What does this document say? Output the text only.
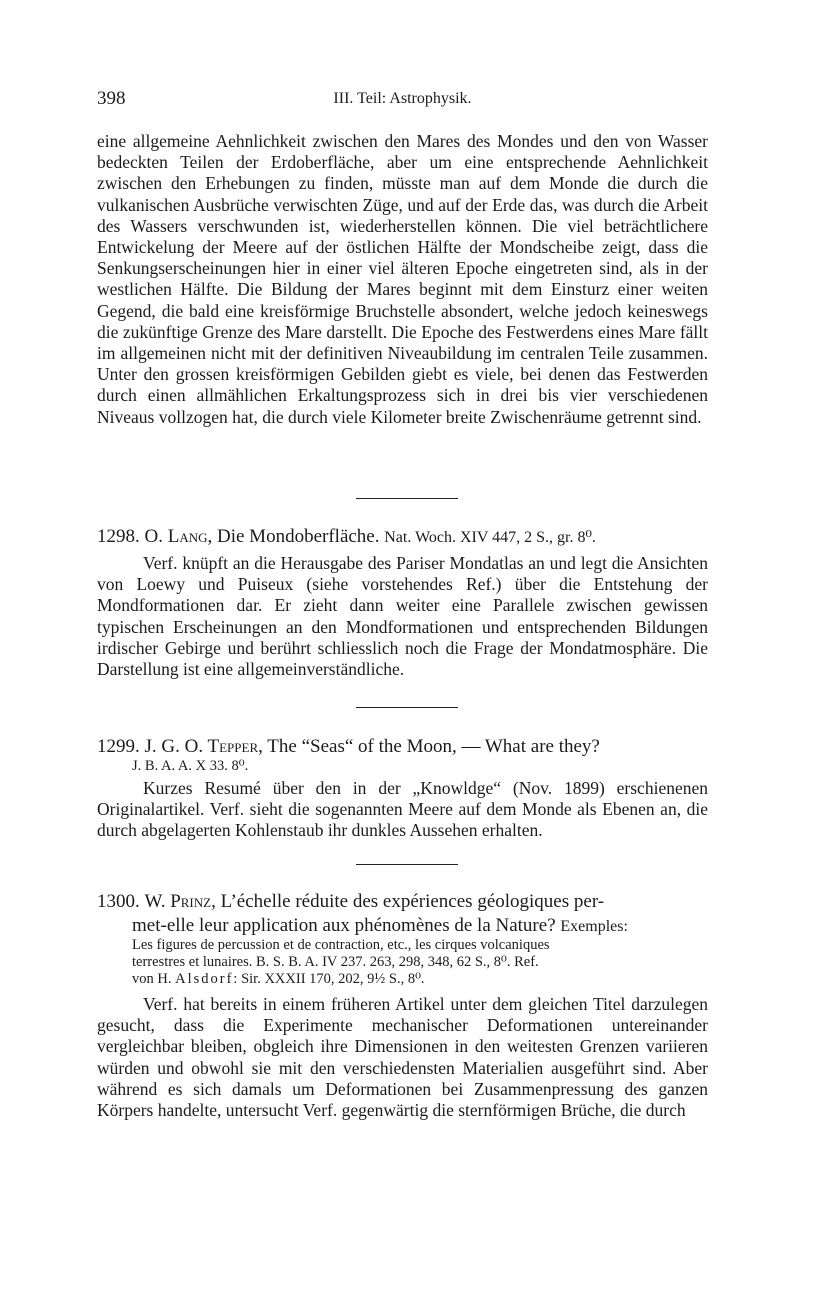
398	III. Teil: Astrophysik.

eine allgemeine Aehnlichkeit zwischen den Mares des Mondes und den von Wasser bedeckten Teilen der Erdoberfläche, aber um eine entsprechende Aehnlichkeit zwischen den Erhebungen zu finden, müsste man auf dem Monde die durch die vulkanischen Ausbrüche verwischten Züge, und auf der Erde das, was durch die Arbeit des Wassers verschwunden ist, wiederherstellen können. Die viel beträchtlichere Entwickelung der Meere auf der östlichen Hälfte der Mondscheibe zeigt, dass die Senkungserscheinungen hier in einer viel älteren Epoche eingetreten sind, als in der westlichen Hälfte. Die Bildung der Mares beginnt mit dem Einsturz einer weiten Gegend, die bald eine kreisförmige Bruchstelle absondert, welche jedoch keineswegs die zukünftige Grenze des Mare darstellt. Die Epoche des Festwerdens eines Mare fällt im allgemeinen nicht mit der definitiven Niveaubildung im centralen Teile zusammen. Unter den grossen kreisförmigen Gebilden giebt es viele, bei denen das Festwerden durch einen allmählichen Erkaltungsprozess sich in drei bis vier verschiedenen Niveaus vollzogen hat, die durch viele Kilometer breite Zwischenräume getrennt sind.

1298. O. Lang, Die Mondoberfläche. Nat. Woch. XIV 447, 2 S., gr. 8⁰.

Verf. knüpft an die Herausgabe des Pariser Mondatlas an und legt die Ansichten von Loewy und Puiseux (siehe vorstehendes Ref.) über die Entstehung der Mondformationen dar. Er zieht dann weiter eine Parallele zwischen gewissen typischen Erscheinungen an den Mondformationen und entsprechenden Bildungen irdischer Gebirge und berührt schliesslich noch die Frage der Mondatmosphäre. Die Darstellung ist eine allgemeinverständliche.

1299. J. G. O. Tepper, The “Seas“ of the Moon, — What are they?

J. B. A. A. X 33. 8⁰.

Kurzes Resumé über den in der „Knowldge“ (Nov. 1899) erschienenen Originalartikel. Verf. sieht die sogenannten Meere auf dem Monde als Ebenen an, die durch abgelagerten Kohlenstaub ihr dunkles Aussehen erhalten.

1300. W. Prinz, L’échelle réduite des expériences géologiques per-
met-elle leur application aux phénomènes de la Nature? Exemples:

Les figures de percussion et de contraction, etc., les cirques volcaniques
terrestres et lunaires. B. S. B. A. IV 237. 263, 298, 348, 62 S., 8⁰. Ref.
von H. Alsdorf: Sir. XXXII 170, 202, 9½ S., 8⁰.

Verf. hat bereits in einem früheren Artikel unter dem gleichen Titel darzulegen gesucht, dass die Experimente mechanischer Deformationen untereinander vergleichbar bleiben, obgleich ihre Dimensionen in den weitesten Grenzen variieren würden und obwohl sie mit den verschiedensten Materialien ausgeführt sind. Aber während es sich damals um Deformationen bei Zusammenpressung des ganzen Körpers handelte, untersucht Verf. gegenwärtig die sternförmigen Brüche, die durch
